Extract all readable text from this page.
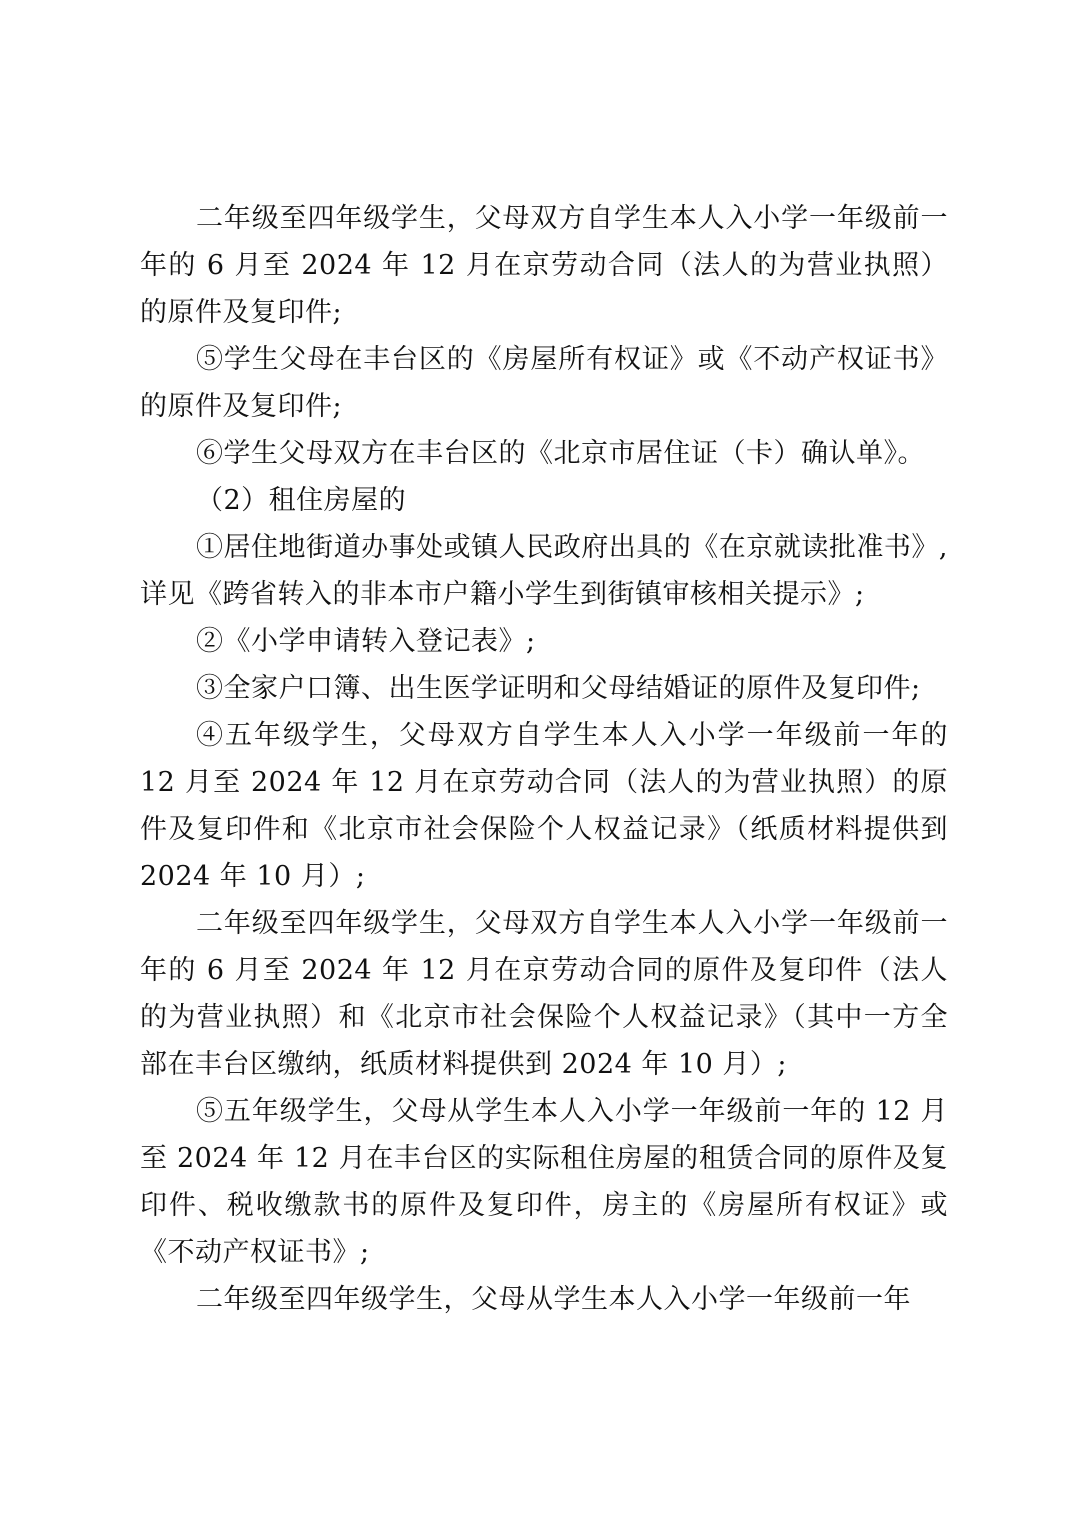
二年级至四年级学生，父母双方自学生本人入小学一年级前一年的 6 月至 2024 年 12 月在京劳动合同（法人的为营业执照）的原件及复印件;

⑤学生父母在丰台区的《房屋所有权证》或《不动产权证书》的原件及复印件;

⑥学生父母双方在丰台区的《北京市居住证（卡）确认单》。

（2）租住房屋的

①居住地街道办事处或镇人民政府出具的《在京就读批准书》, 详见《跨省转入的非本市户籍小学生到街镇审核相关提示》;

②《小学申请转入登记表》;

③全家户口簿、出生医学证明和父母结婚证的原件及复印件;

④五年级学生，父母双方自学生本人入小学一年级前一年的 12 月至 2024 年 12 月在京劳动合同（法人的为营业执照）的原件及复印件和《北京市社会保险个人权益记录》（纸质材料提供到 2024 年 10 月）;

二年级至四年级学生，父母双方自学生本人入小学一年级前一年的 6 月至 2024 年 12 月在京劳动合同的原件及复印件（法人的为营业执照）和《北京市社会保险个人权益记录》（其中一方全部在丰台区缴纳，纸质材料提供到 2024 年 10 月）;

⑤五年级学生，父母从学生本人入小学一年级前一年的 12 月至 2024 年 12 月在丰台区的实际租住房屋的租赁合同的原件及复印件、税收缴款书的原件及复印件，房主的《房屋所有权证》或《不动产权证书》;

二年级至四年级学生，父母从学生本人入小学一年级前一年
